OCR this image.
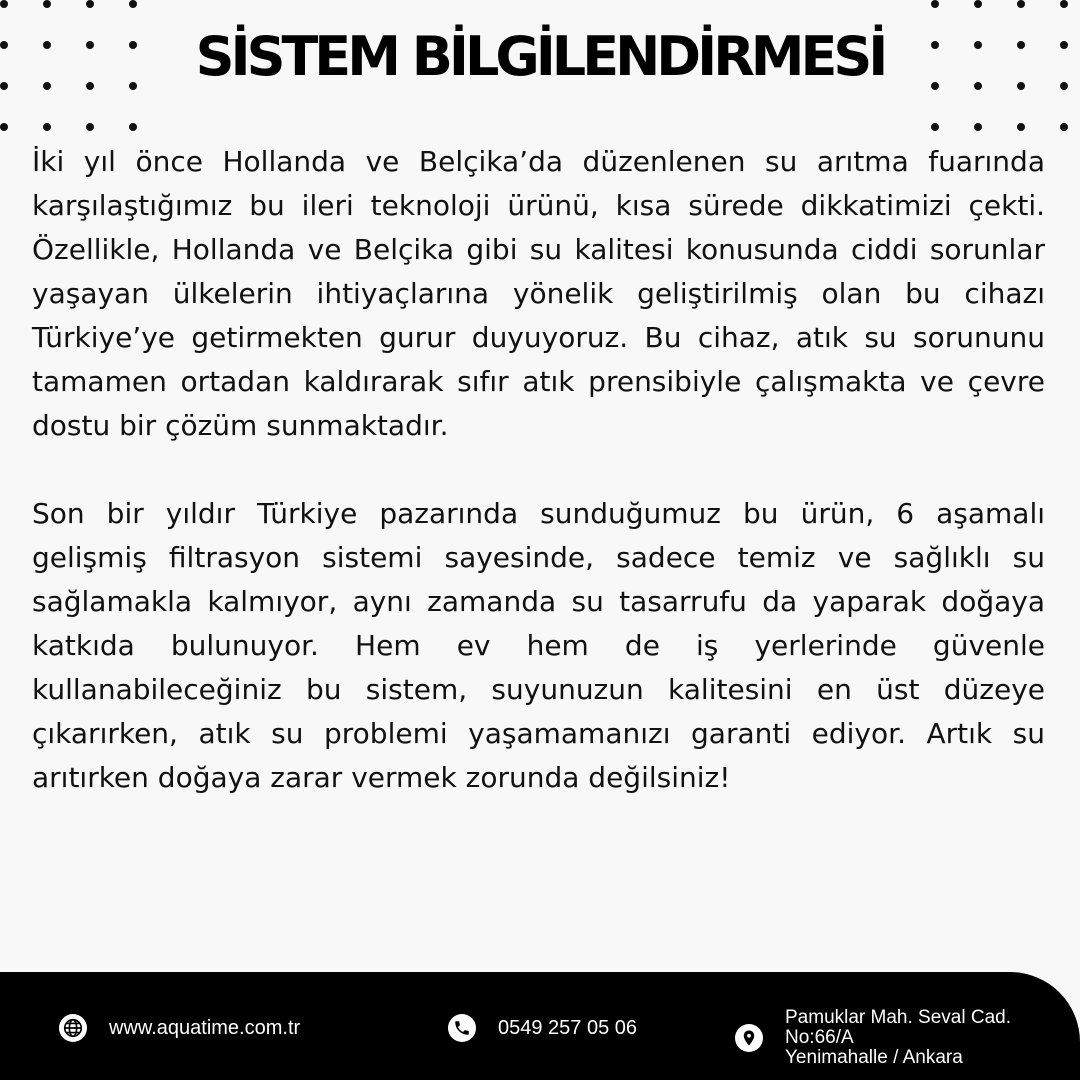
SİSTEM BİLGİLENDİRMESİ

İki yıl önce Hollanda ve Belçika’da düzenlenen su arıtma fuarında karşılaştığımız bu ileri teknoloji ürünü, kısa sürede dikkatimizi çekti. Özellikle, Hollanda ve Belçika gibi su kalitesi konusunda ciddi sorunlar yaşayan ülkelerin ihtiyaçlarına yönelik geliştirilmiş olan bu cihazı Türkiye’ye getirmekten gurur duyuyoruz. Bu cihaz, atık su sorununu tamamen ortadan kaldırarak sıfır atık prensibiyle çalışmakta ve çevre dostu bir çözüm sunmaktadır.

Son bir yıldır Türkiye pazarında sunduğumuz bu ürün, 6 aşamalı gelişmiş filtrasyon sistemi sayesinde, sadece temiz ve sağlıklı su sağlamakla kalmıyor, aynı zamanda su tasarrufu da yaparak doğaya katkıda bulunuyor. Hem ev hem de iş yerlerinde güvenle kullanabileceğiniz bu sistem, suyunuzun kalitesini en üst düzeye çıkarırken, atık su problemi yaşamamanızı garanti ediyor. Artık su arıtırken doğaya zarar vermek zorunda değilsiniz!

www.aquatime.com.tr	0549 257 05 06	Pamuklar Mah. Seval Cad.
No:66/A
Yenimahalle / Ankara
